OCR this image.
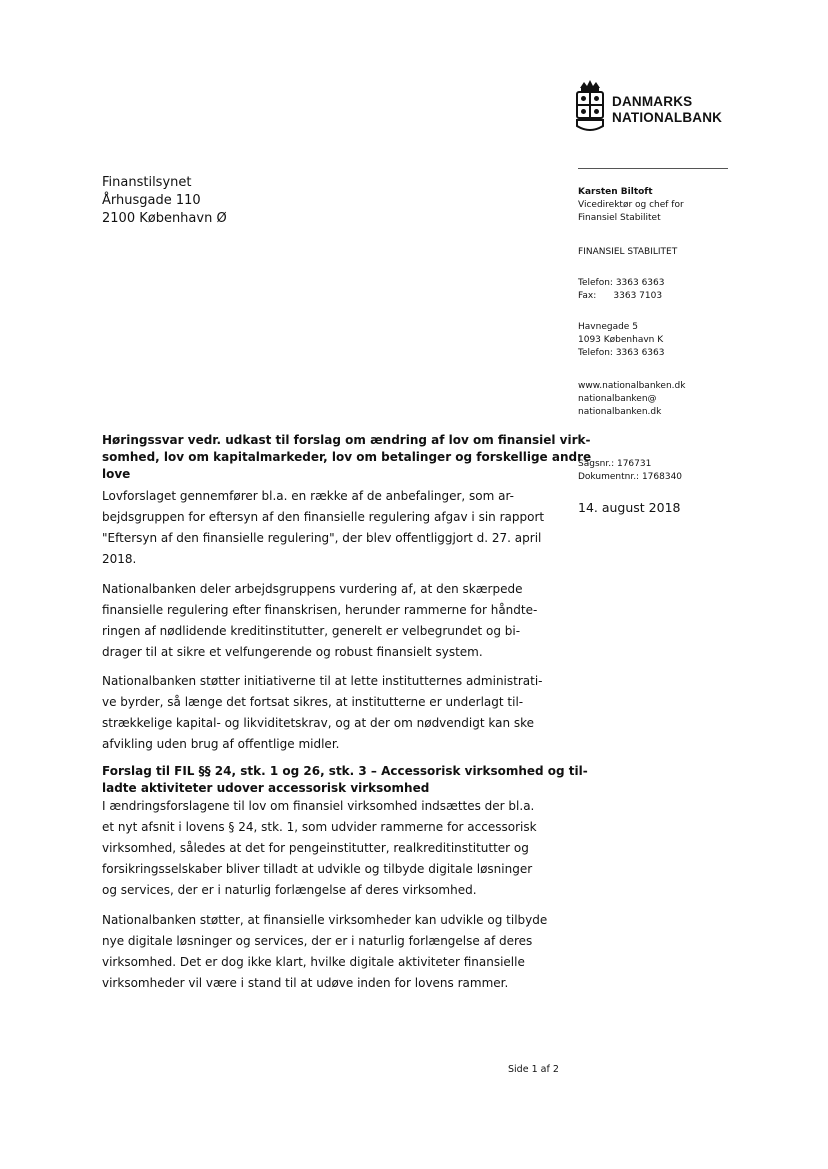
DANMARKS
NATIONALBANK
Finanstilsynet
Århusgade 110
2100 København Ø
Karsten Biltoft
Vicedirektør og chef for
Finansiel Stabilitet
FINANSIEL STABILITET
Telefon: 3363 6363
Fax:      3363 7103
Havnegade 5
1093 København K
Telefon: 3363 6363
www.nationalbanken.dk
nationalbanken@
nationalbanken.dk
Sagsnr.: 176731
Dokumentnr.: 1768340
14. august 2018
Høringssvar vedr. udkast til forslag om ændring af lov om finansiel virk-
somhed, lov om kapitalmarkeder, lov om betalinger og forskellige andre
love
Lovforslaget gennemfører bl.a. en række af de anbefalinger, som ar-
bejdsgruppen for eftersyn af den finansielle regulering afgav i sin rapport
"Eftersyn af den finansielle regulering", der blev offentliggjort d. 27. april
2018.
Nationalbanken deler arbejdsgruppens vurdering af, at den skærpede
finansielle regulering efter finanskrisen, herunder rammerne for håndte-
ringen af nødlidende kreditinstitutter, generelt er velbegrundet og bi-
drager til at sikre et velfungerende og robust finansielt system.
Nationalbanken støtter initiativerne til at lette institutternes administrati-
ve byrder, så længe det fortsat sikres, at institutterne er underlagt til-
strækkelige kapital- og likviditetskrav, og at der om nødvendigt kan ske
afvikling uden brug af offentlige midler.
Forslag til FIL §§ 24, stk. 1 og 26, stk. 3 – Accessorisk virksomhed og til-
ladte aktiviteter udover accessorisk virksomhed
I ændringsforslagene til lov om finansiel virksomhed indsættes der bl.a.
et nyt afsnit i lovens § 24, stk. 1, som udvider rammerne for accessorisk
virksomhed, således at det for pengeinstitutter, realkreditinstitutter og
forsikringsselskaber bliver tilladt at udvikle og tilbyde digitale løsninger
og services, der er i naturlig forlængelse af deres virksomhed.
Nationalbanken støtter, at finansielle virksomheder kan udvikle og tilbyde
nye digitale løsninger og services, der er i naturlig forlængelse af deres
virksomhed. Det er dog ikke klart, hvilke digitale aktiviteter finansielle
virksomheder vil være i stand til at udøve inden for lovens rammer.
Side 1 af 2
